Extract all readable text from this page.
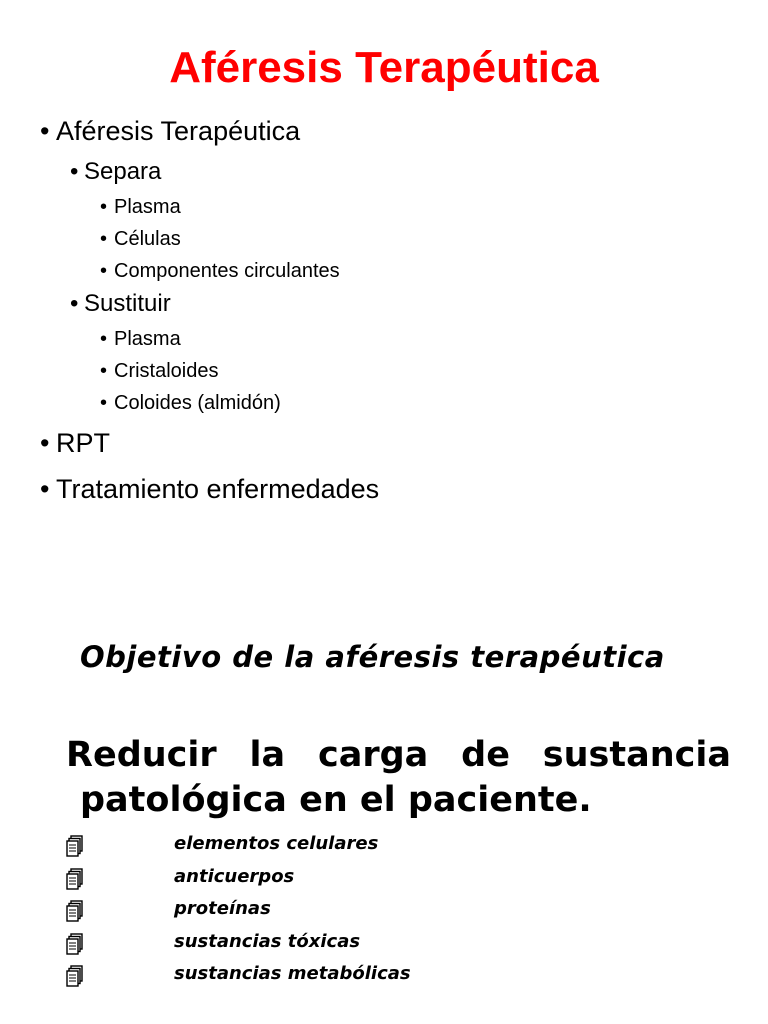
Aféresis Terapéutica
• Aféresis Terapéutica
• Separa
• Plasma
• Células
• Componentes circulantes
• Sustituir
• Plasma
• Cristaloides
• Coloides (almidón)
• RPT
• Tratamiento enfermedades
Objetivo de la aféresis terapéutica
Reducir la carga de sustancia
patológica en el paciente.
elementos celulares
anticuerpos
proteínas
sustancias tóxicas
sustancias metabólicas
